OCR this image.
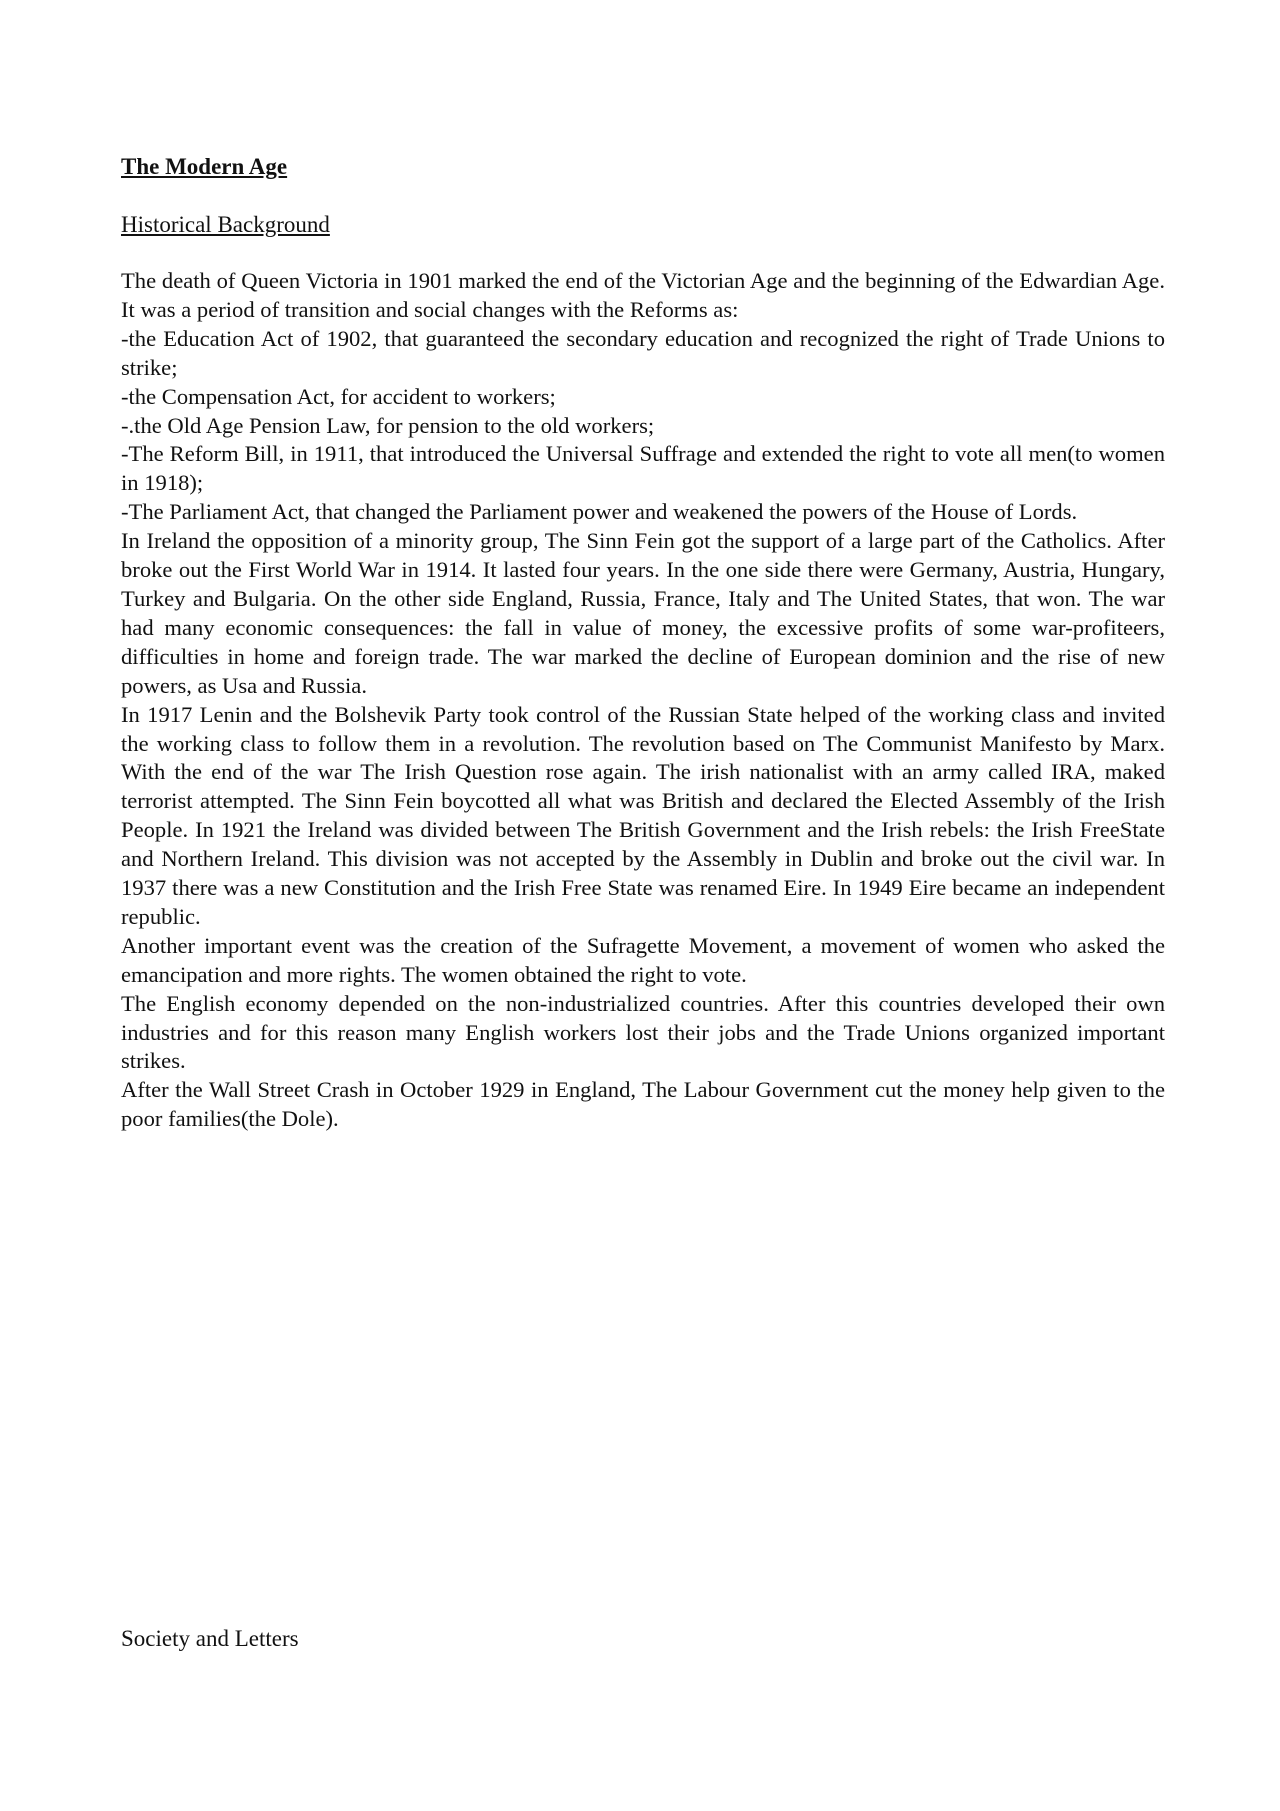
The Modern Age
Historical Background

The death of Queen Victoria in 1901 marked the end of the Victorian Age and the beginning of the Edwardian Age. It was a period of transition and social changes with the Reforms as:

-the Education Act of 1902, that guaranteed the secondary education and recognized the right of Trade Unions to strike;

-the Compensation Act, for accident to workers;

-.the Old Age Pension Law, for pension to the old workers;

-The Reform Bill, in 1911, that introduced the Universal Suffrage and extended the right to vote all men(to women in 1918);

-The Parliament Act, that changed the Parliament power and weakened the powers of the House of Lords.

In Ireland the opposition of a minority group, The Sinn Fein got the support of a large part of the Catholics. After broke out the First World War in 1914. It lasted four years. In the one side there were Germany, Austria, Hungary, Turkey and Bulgaria. On the other side England, Russia, France, Italy and The United States, that won. The war had many economic consequences: the fall in value of money, the excessive profits of some war-profiteers, difficulties in home and foreign trade. The war marked the decline of European dominion and the rise of new powers, as Usa and Russia.

In 1917 Lenin and the Bolshevik Party took control of the Russian State helped of the working class and invited the working class to follow them in a revolution. The revolution based on The Communist Manifesto by Marx. With the end of the war The Irish Question rose again. The irish nationalist with an army called IRA, maked terrorist attempted. The Sinn Fein boycotted all what was British and declared the Elected Assembly of the Irish People. In 1921 the Ireland was divided between The British Government and the Irish rebels: the Irish FreeState and Northern Ireland. This division was not accepted by the Assembly in Dublin and broke out the civil war. In 1937 there was a new Constitution and the Irish Free State was renamed Eire. In 1949 Eire became an independent republic.

Another important event was the creation of the Sufragette Movement, a movement of women who asked the emancipation and more rights. The women obtained the right to vote.

The English economy depended on the non-industrialized countries. After this countries developed their own industries and for this reason many English workers lost their jobs and the Trade Unions organized important strikes.

After the Wall Street Crash in October 1929 in England, The Labour Government cut the money help given to the poor families(the Dole).

Society and Letters
